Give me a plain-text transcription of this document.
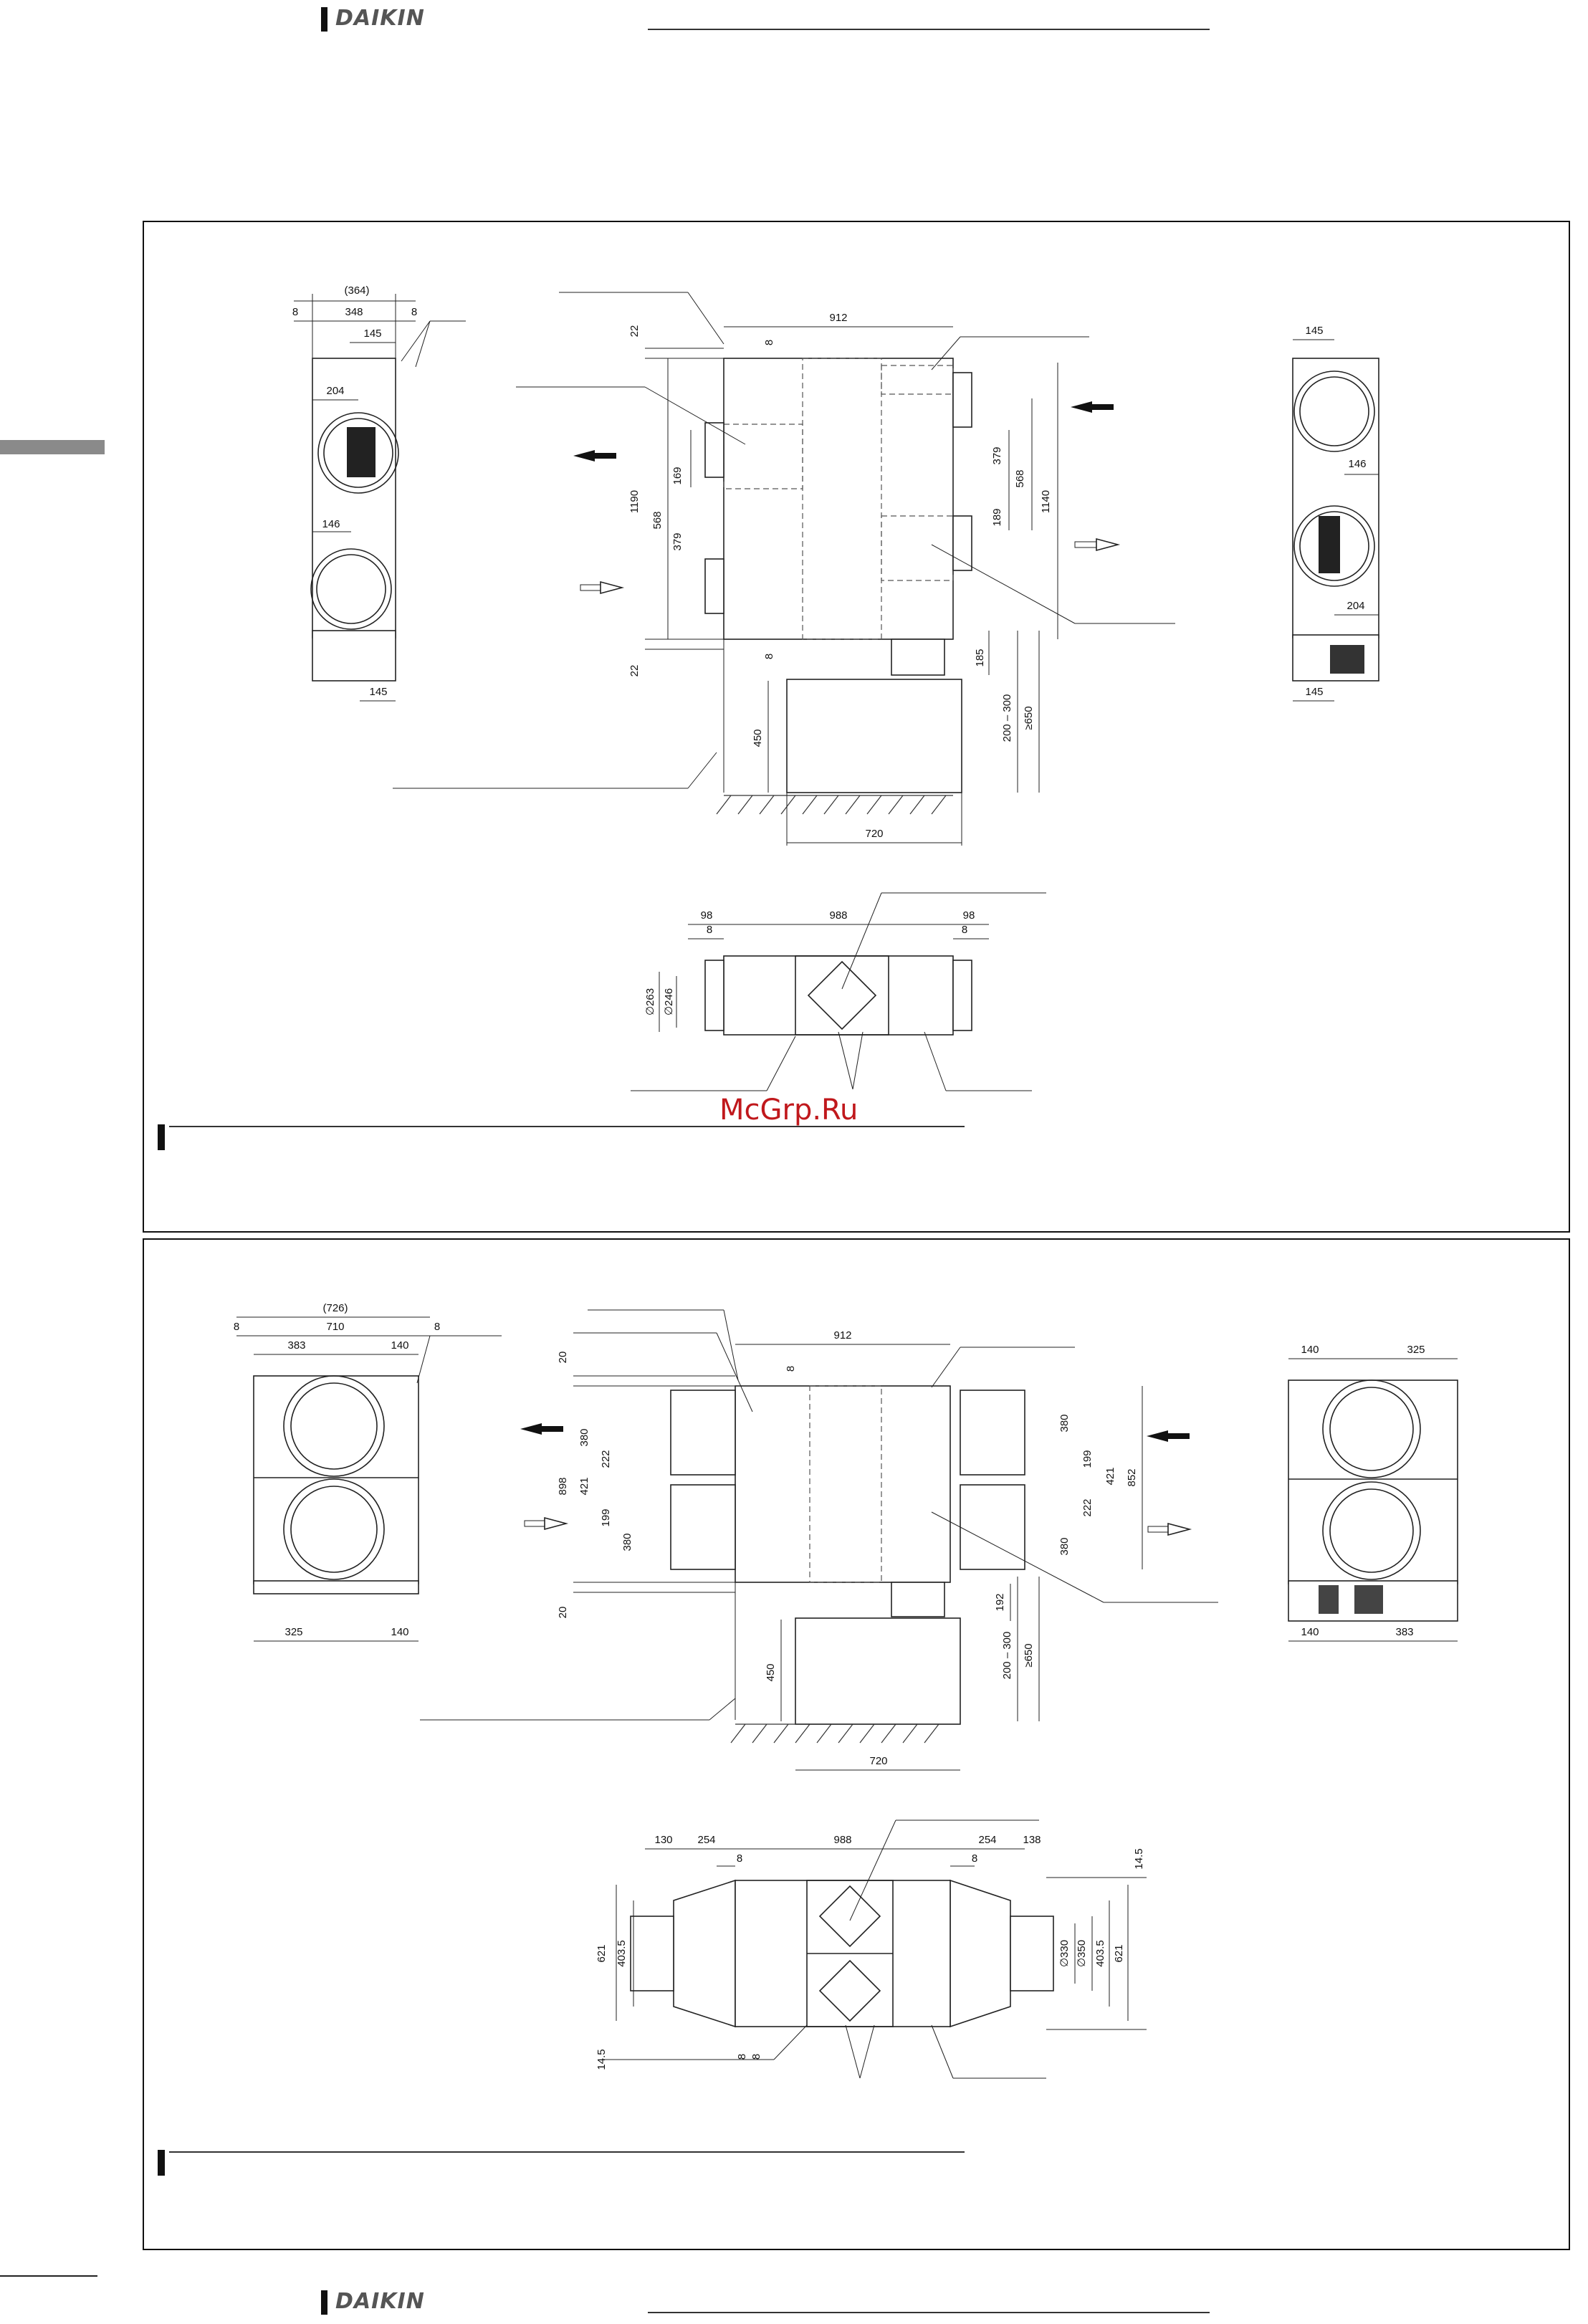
DAIKIN
McGrp.Ru
(364)
348
8	8
145
204
146
145
912
22
22
8
8
1190
169
568
379
379
568
189
1140
185
200 – 300 ≥650
450
720
145
146
204
145
98
8
988	98
8
∅263 ∅246
(726)
710
8
383	140
8
325	140
912
20
20
8
898
380
421
222
199
380
380
199
421
222
380
852
192
200 – 300 ≥650
450
720
140	325
140	383
130 254	988	254 138
8	8	14.5
14.5
621 403.5	∅330 ∅350 403.5 621
8 8
DAIKIN
